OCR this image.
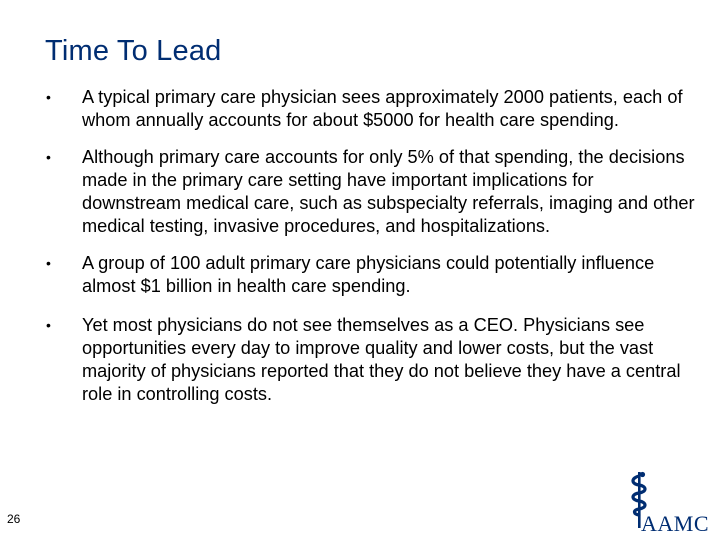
Time To Lead
•	A typical primary care physician sees approximately 2000 patients, each of whom annually accounts for about $5000 for health care spending.
•	Although primary care accounts for only 5% of that spending, the decisions made in the primary care setting have important implications for downstream medical care, such as subspecialty referrals, imaging and other medical testing, invasive procedures, and hospitalizations.
•	A group of 100 adult primary care physicians could potentially influence almost $1 billion in health care spending.
•	Yet most physicians do not see themselves as a CEO. Physicians see opportunities every day to improve quality and lower costs, but the vast majority of physicians reported that they do not believe they have a central role in controlling costs.
26	AAMC
